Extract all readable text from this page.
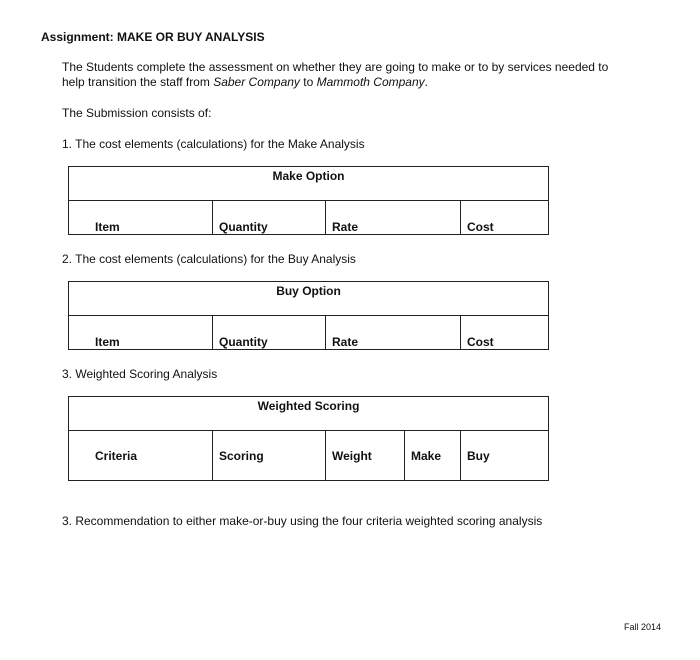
Assignment: MAKE OR BUY ANALYSIS

The Students complete the assessment on whether they are going to make or to by services needed to help transition the staff from Saber Company to Mammoth Company.

The Submission consists of:

1. The cost elements (calculations) for the Make Analysis

Make Option
Item	Quantity	Rate	Cost

2. The cost elements (calculations) for the Buy Analysis

Buy Option
Item	Quantity	Rate	Cost

3. Weighted Scoring Analysis

Weighted Scoring
Criteria	Scoring	Weight	Make	Buy

3. Recommendation to either make-or-buy using the four criteria weighted scoring analysis

Fall 2014
